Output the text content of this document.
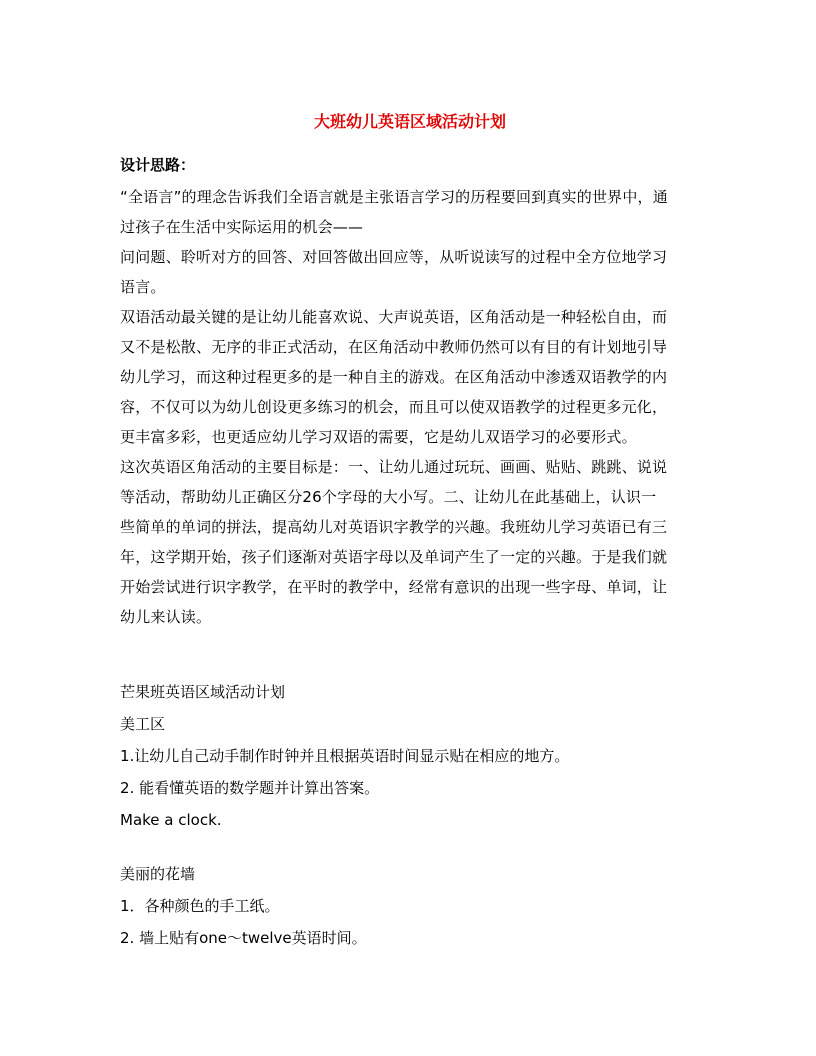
大班幼儿英语区域活动计划
设计思路：
“全语言”的理念告诉我们全语言就是主张语言学习的历程要回到真实的世界中，通
过孩子在生活中实际运用的机会——
问问题、聆听对方的回答、对回答做出回应等，从听说读写的过程中全方位地学习
语言。
双语活动最关键的是让幼儿能喜欢说、大声说英语，区角活动是一种轻松自由，而
又不是松散、无序的非正式活动，在区角活动中教师仍然可以有目的有计划地引导
幼儿学习，而这种过程更多的是一种自主的游戏。在区角活动中渗透双语教学的内
容，不仅可以为幼儿创设更多练习的机会，而且可以使双语教学的过程更多元化，
更丰富多彩，也更适应幼儿学习双语的需要，它是幼儿双语学习的必要形式。
这次英语区角活动的主要目标是：一、让幼儿通过玩玩、画画、贴贴、跳跳、说说
等活动，帮助幼儿正确区分26个字母的大小写。二、让幼儿在此基础上，认识一
些简单的单词的拼法，提高幼儿对英语识字教学的兴趣。我班幼儿学习英语已有三
年，这学期开始，孩子们逐渐对英语字母以及单词产生了一定的兴趣。于是我们就
开始尝试进行识字教学，在平时的教学中，经常有意识的出现一些字母、单词，让
幼儿来认读。
芒果班英语区域活动计划
美工区
1.让幼儿自己动手制作时钟并且根据英语时间显示贴在相应的地方。
2. 能看懂英语的数学题并计算出答案。
Make a clock.
美丽的花墙
1．各种颜色的手工纸。
2. 墙上贴有one～twelve英语时间。
